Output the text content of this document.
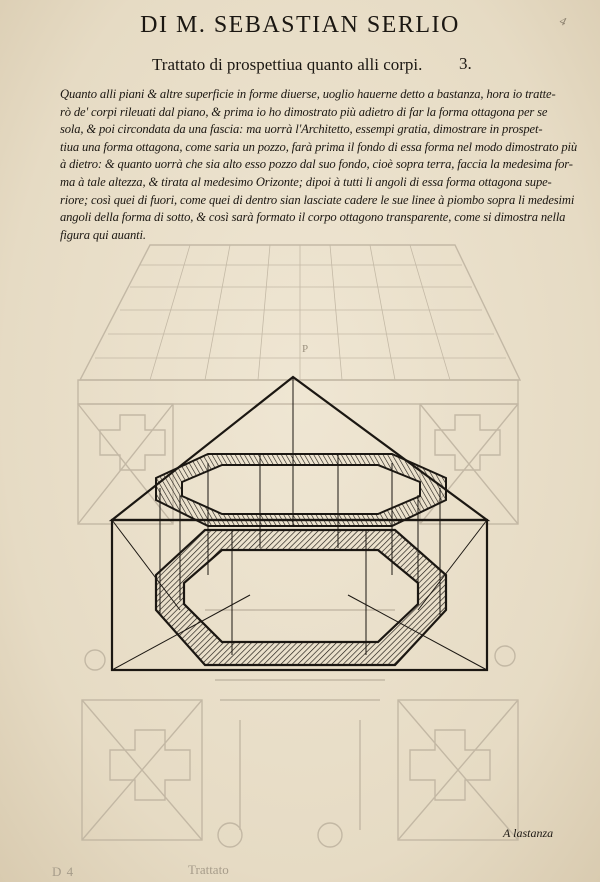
DI M. SEBASTIAN SERLIO	4
Trattato di prospettiua quanto alli corpi.	3.
Quanto alli piani & altre superficie in forme diuerse, uoglio hauerne detto a bastanza, hora io tratte-
rò de' corpi rileuati dal piano, & prima io ho dimostrato più adietro di far la forma ottagona per se
sola, & poi circondata da una fascia: ma uorrà l'Architetto, essempi gratia, dimostrare in prospet-
tiua una forma ottagona, come saria un pozzo, farà prima il fondo di essa forma nel modo dimostrato più
à dietro: & quanto uorrà che sia alto esso pozzo dal suo fondo, cioè sopra terra, faccia la medesima for-
ma à tale altezza, & tirata al medesimo Orizonte; dipoi à tutti li angoli di essa forma ottagona supe-
riore; così quei di fuori, come quei di dentro sian lasciate cadere le sue linee à piombo sopra li medesimi
angoli della forma di sotto, & così sarà formato il corpo ottagono transparente, come si dimostra nella
figura qui auanti.
P
A lastanza
D 4	Trattato
